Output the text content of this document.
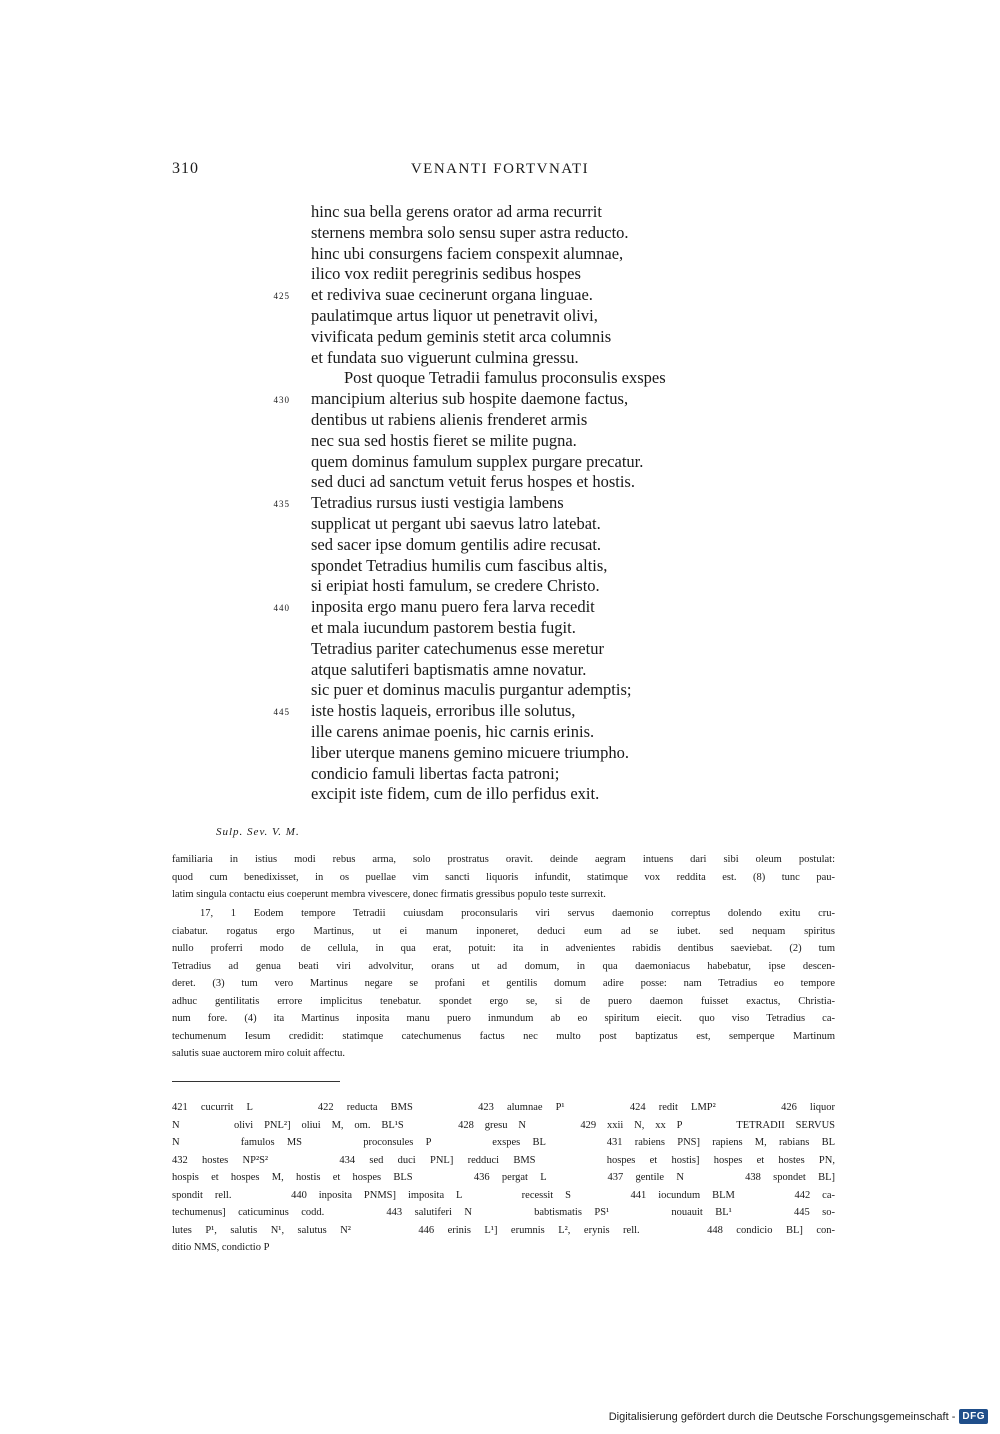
310	VENANTI FORTVNATI
hinc sua bella gerens orator ad arma recurrit
sternens membra solo sensu super astra reducto.
hinc ubi consurgens faciem conspexit alumnae,
ilico vox rediit peregrinis sedibus hospes
425 et rediviva suae cecinerunt organa linguae.
paulatimque artus liquor ut penetravit olivi,
vivificata pedum geminis stetit arca columnis
et fundata suo viguerunt culmina gressu.
Post quoque Tetradii famulus proconsulis exspes
430 mancipium alterius sub hospite daemone factus,
dentibus ut rabiens alienis frenderet armis
nec sua sed hostis fieret se milite pugna.
quem dominus famulum supplex purgare precatur.
sed duci ad sanctum vetuit ferus hospes et hostis.
435 Tetradius rursus iusti vestigia lambens
supplicat ut pergant ubi saevus latro latebat.
sed sacer ipse domum gentilis adire recusat.
spondet Tetradius humilis cum fascibus altis,
si eripiat hosti famulum, se credere Christo.
440 inposita ergo manu puero fera larva recedit
et mala iucundum pastorem bestia fugit.
Tetradius pariter catechumenus esse meretur
atque salutiferi baptismatis amne novatur.
sic puer et dominus maculis purgantur ademptis;
445 iste hostis laqueis, erroribus ille solutus,
ille carens animae poenis, hic carnis erinis.
liber uterque manens gemino micuere triumpho.
condicio famuli libertas facta patroni;
excipit iste fidem, cum de illo perfidus exit.
Sulp. Sev. V. M.
familiaria in istius modi rebus arma, solo prostratus oravit. deinde aegram intuens dari sibi oleum postulat:
quod cum benedixisset, in os puellae vim sancti liquoris infundit, statimque vox reddita est. (8) tunc pau-
latim singula contactu eius coeperunt membra vivescere, donec firmatis gressibus populo teste surrexit.
17, 1 Eodem tempore Tetradii cuiusdam proconsularis viri servus daemonio correptus dolendo exitu cru-
ciabatur. rogatus ergo Martinus, ut ei manum inponeret, deduci eum ad se iubet. sed nequam spiritus
nullo proferri modo de cellula, in qua erat, potuit: ita in advenientes rabidis dentibus saeviebat. (2) tum
Tetradius ad genua beati viri advolvitur, orans ut ad domum, in qua daemoniacus habebatur, ipse descen-
deret. (3) tum vero Martinus negare se profani et gentilis domum adire posse: nam Tetradius eo tempore
adhuc gentilitatis errore implicitus tenebatur. spondet ergo se, si de puero daemon fuisset exactus, Christia-
num fore. (4) ita Martinus inposita manu puero inmundum ab eo spiritum eiecit. quo viso Tetradius ca-
techumenum Iesum credidit: statimque catechumenus factus nec multo post baptizatus est, semperque Martinum
salutis suae auctorem miro coluit affectu.
421 cucurrit L     422 reducta BMS     423 alumnae P¹     424 redit LMP²     426 liquor
N     olivi PNL²] oliui M, om. BL¹S     428 gresu N     429 xxii N, xx P     TETRADII SERVUS
N     famulos MS     proconsules P     exspes BL     431 rabiens PNS] rapiens M, rabians BL
432 hostes NP²S²     434 sed duci PNL] redduci BMS     hospes et hostis] hospes et hostes PN,
hospis et hospes M, hostis et hospes BLS     436 pergat L     437 gentile N     438 spondet BL]
spondit rell.     440 inposita PNMS] imposita L     recessit S     441 iocundum BLM     442 ca-
techumenus] caticuminus codd.     443 salutiferi N     babtismatis PS¹     nouauit BL¹     445 so-
lutes P¹, salutis N¹, salutus N²     446 erinis L¹] erumnis L², erynis rell.     448 condicio BL] con-
ditio NMS, condictio P
Digitalisierung gefördert durch die Deutsche Forschungsgemeinschaft - DFG
